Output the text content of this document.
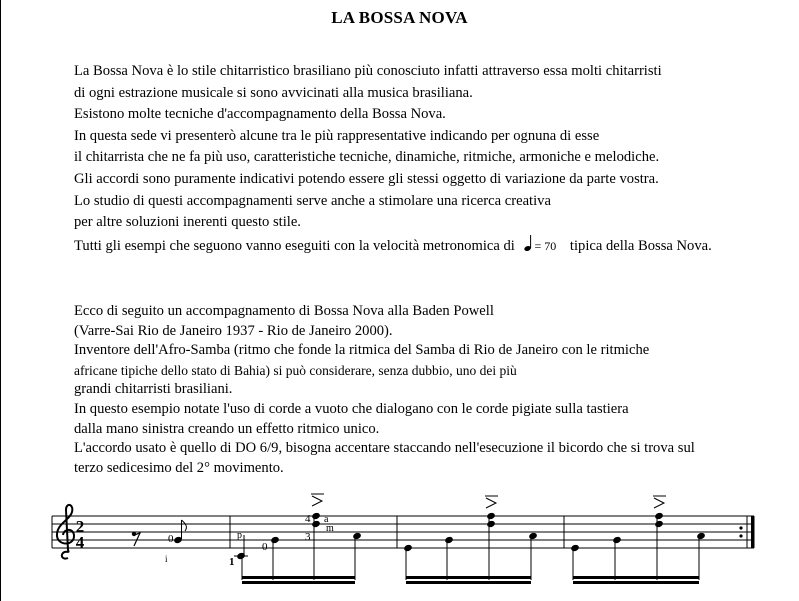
LA BOSSA NOVA
La Bossa Nova è lo stile chitarristico brasiliano più conosciuto infatti attraverso essa molti chitarristi
di ogni estrazione musicale si sono avvicinati alla musica brasiliana.
Esistono molte tecniche d'accompagnamento della Bossa Nova.
In questa sede vi presenterò alcune tra le più rappresentative indicando per ognuna di esse
il chitarrista che ne fa più uso, caratteristiche tecniche, dinamiche, ritmiche, armoniche e melodiche.
Gli accordi sono puramente indicativi potendo essere gli stessi oggetto di variazione da parte vostra.
Lo studio di questi accompagnamenti serve anche a stimolare una ricerca creativa
per altre soluzioni inerenti questo stile.
Tutti gli esempi che seguono vanno eseguiti con la velocità metronomica di = 70 tipica della Bossa Nova.
Ecco di seguito un accompagnamento di Bossa Nova alla Baden Powell
(Varre-Sai Rio de Janeiro 1937 - Rio de Janeiro 2000).
Inventore dell'Afro-Samba (ritmo che fonde la ritmica del Samba di Rio de Janeiro con le ritmiche
africane tipiche dello stato di Bahia) si può considerare, senza dubbio, uno dei più
grandi chitarristi brasiliani.
In questo esempio notate l'uso di corde a vuoto che dialogano con le corde pigiate sulla tastiera
dalla mano sinistra creando un effetto ritmico unico.
L'accordo usato è quello di DO 6/9, bisogna accentare staccando nell'esecuzione il bicordo che si trova sul
terzo sedicesimo del 2° movimento.
2
4	0
i
p
1
0
4
3
a
m
